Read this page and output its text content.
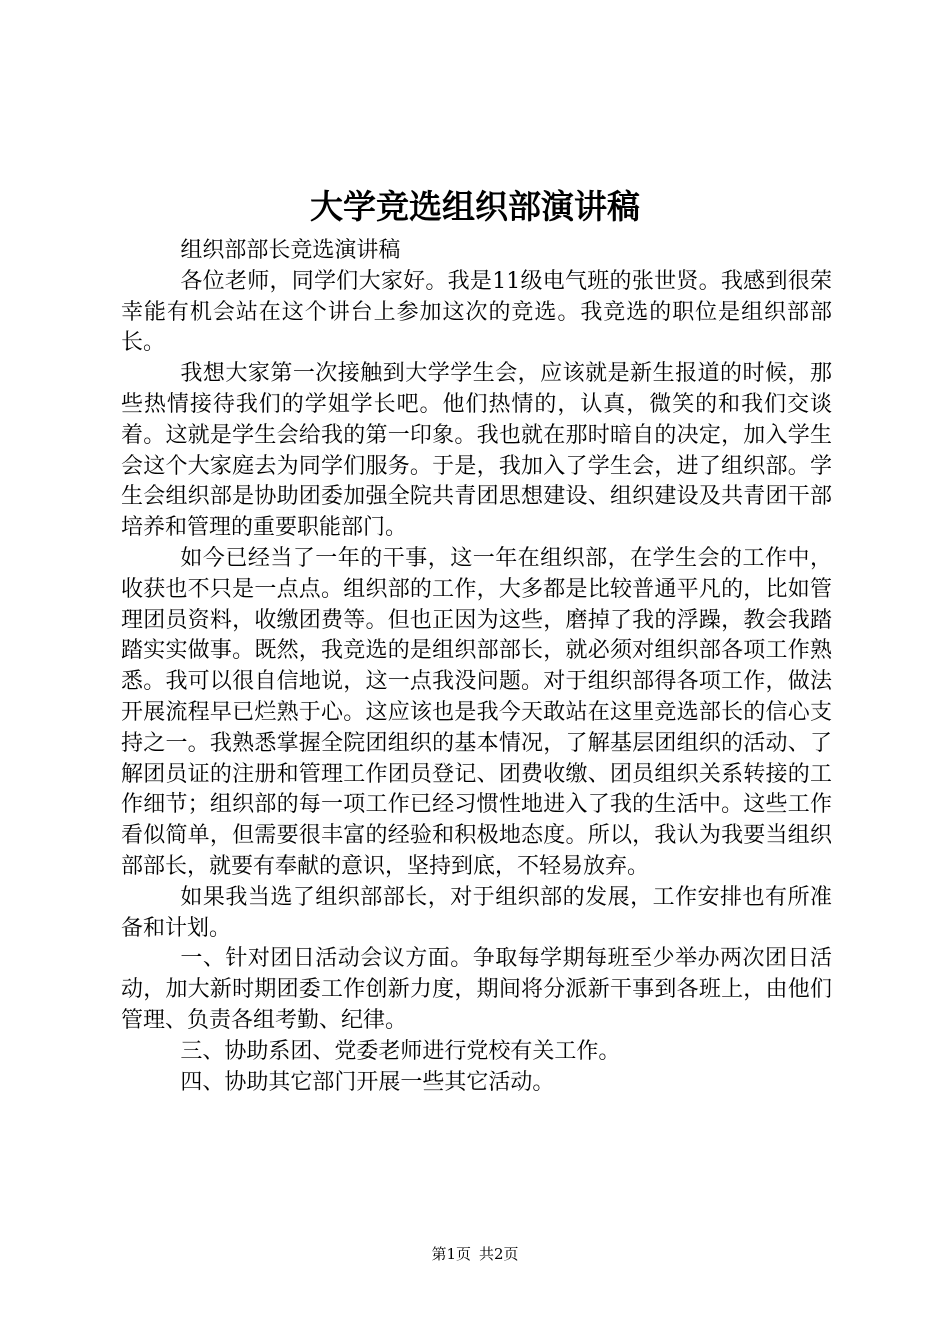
大学竞选组织部演讲稿

组织部部长竞选演讲稿

各位老师，同学们大家好。我是11级电气班的张世贤。我感到很荣幸能有机会站在这个讲台上参加这次的竞选。我竞选的职位是组织部部长。

我想大家第一次接触到大学学生会，应该就是新生报道的时候，那些热情接待我们的学姐学长吧。他们热情的，认真，微笑的和我们交谈着。这就是学生会给我的第一印象。我也就在那时暗自的决定，加入学生会这个大家庭去为同学们服务。于是，我加入了学生会，进了组织部。学生会组织部是协助团委加强全院共青团思想建设、组织建设及共青团干部培养和管理的重要职能部门。

如今已经当了一年的干事，这一年在组织部，在学生会的工作中，收获也不只是一点点。组织部的工作，大多都是比较普通平凡的，比如管理团员资料，收缴团费等。但也正因为这些，磨掉了我的浮躁，教会我踏踏实实做事。既然，我竞选的是组织部部长，就必须对组织部各项工作熟悉。我可以很自信地说，这一点我没问题。对于组织部得各项工作，做法开展流程早已烂熟于心。这应该也是我今天敢站在这里竞选部长的信心支持之一。我熟悉掌握全院团组织的基本情况，了解基层团组织的活动、了解团员证的注册和管理工作团员登记、团费收缴、团员组织关系转接的工作细节；组织部的每一项工作已经习惯性地进入了我的生活中。这些工作看似简单，但需要很丰富的经验和积极地态度。所以，我认为我要当组织部部长，就要有奉献的意识，坚持到底，不轻易放弃。

如果我当选了组织部部长，对于组织部的发展，工作安排也有所准备和计划。

一、针对团日活动会议方面。争取每学期每班至少举办两次团日活动，加大新时期团委工作创新力度，期间将分派新干事到各班上，由他们管理、负责各组考勤、纪律。

三、协助系团、党委老师进行党校有关工作。

四、协助其它部门开展一些其它活动。

第1页 共2页
